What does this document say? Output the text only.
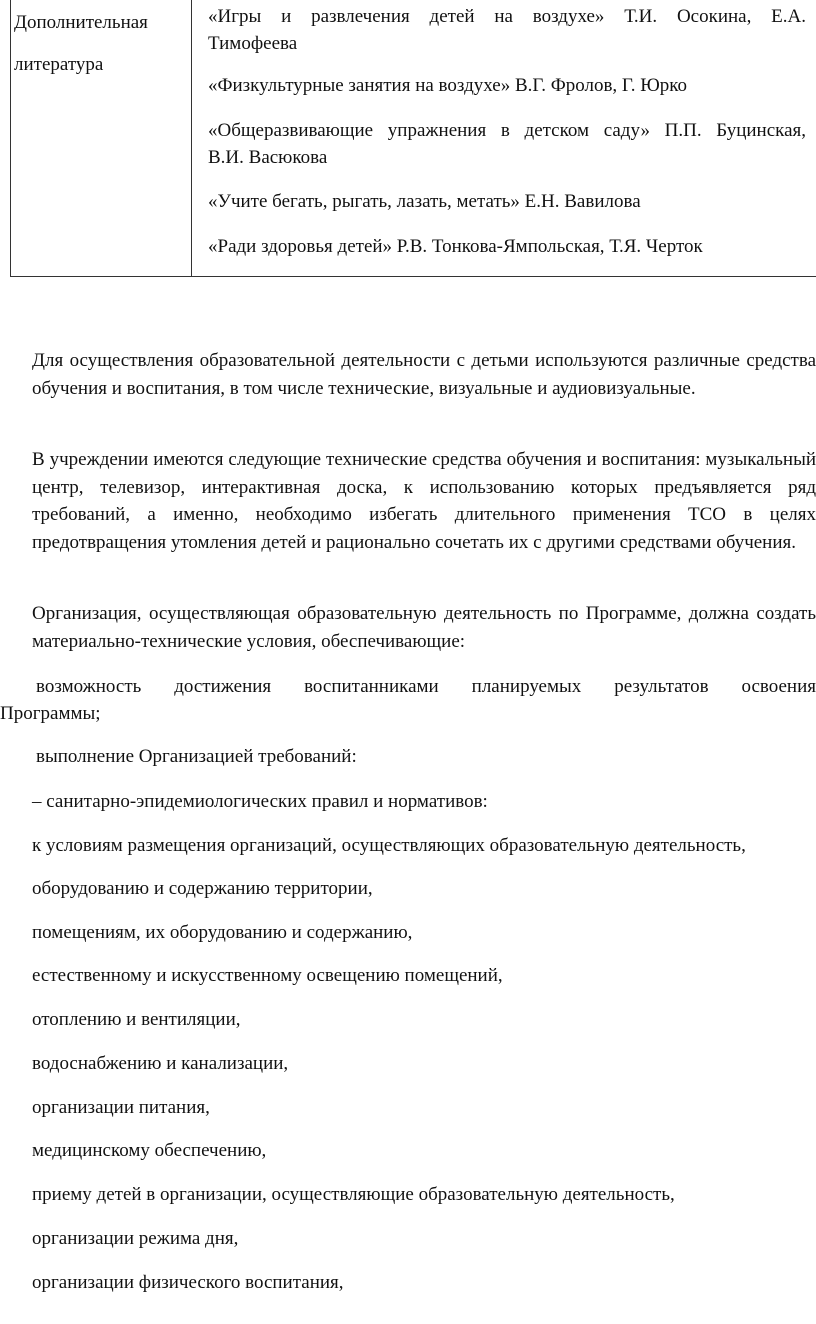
Дополнительная
литература
«Игры и развлечения детей на воздухе» Т.И. Осокина, Е.А.
Тимофеева
«Физкультурные занятия на воздухе» В.Г. Фролов, Г. Юрко
«Общеразвивающие упражнения в детском саду» П.П. Буцинская,
В.И. Васюкова
«Учите бегать, рыгать, лазать, метать» Е.Н. Вавилова
«Ради здоровья детей» Р.В. Тонкова-Ямпольская, Т.Я. Черток
Для осуществления образовательной деятельности с детьми используются различные средства обучения и воспитания, в том числе технические, визуальные и аудиовизуальные.
В учреждении имеются следующие технические средства обучения и воспитания: музыкальный центр, телевизор, интерактивная доска, к использованию которых предъявляется ряд требований, а именно, необходимо избегать длительного применения ТСО в целях предотвращения утомления детей и рационально сочетать их с другими средствами обучения.
Организация, осуществляющая образовательную деятельность по Программе, должна создать материально-технические условия, обеспечивающие:
возможность достижения воспитанниками планируемых результатов освоения
Программы;
выполнение Организацией требований:
– санитарно-эпидемиологических правил и нормативов:
к условиям размещения организаций, осуществляющих образовательную деятельность,
оборудованию и содержанию территории,
помещениям, их оборудованию и содержанию,
естественному и искусственному освещению помещений,
отоплению и вентиляции,
водоснабжению и канализации,
организации питания,
медицинскому обеспечению,
приему детей в организации, осуществляющие образовательную деятельность,
организации режима дня,
организации физического воспитания,
